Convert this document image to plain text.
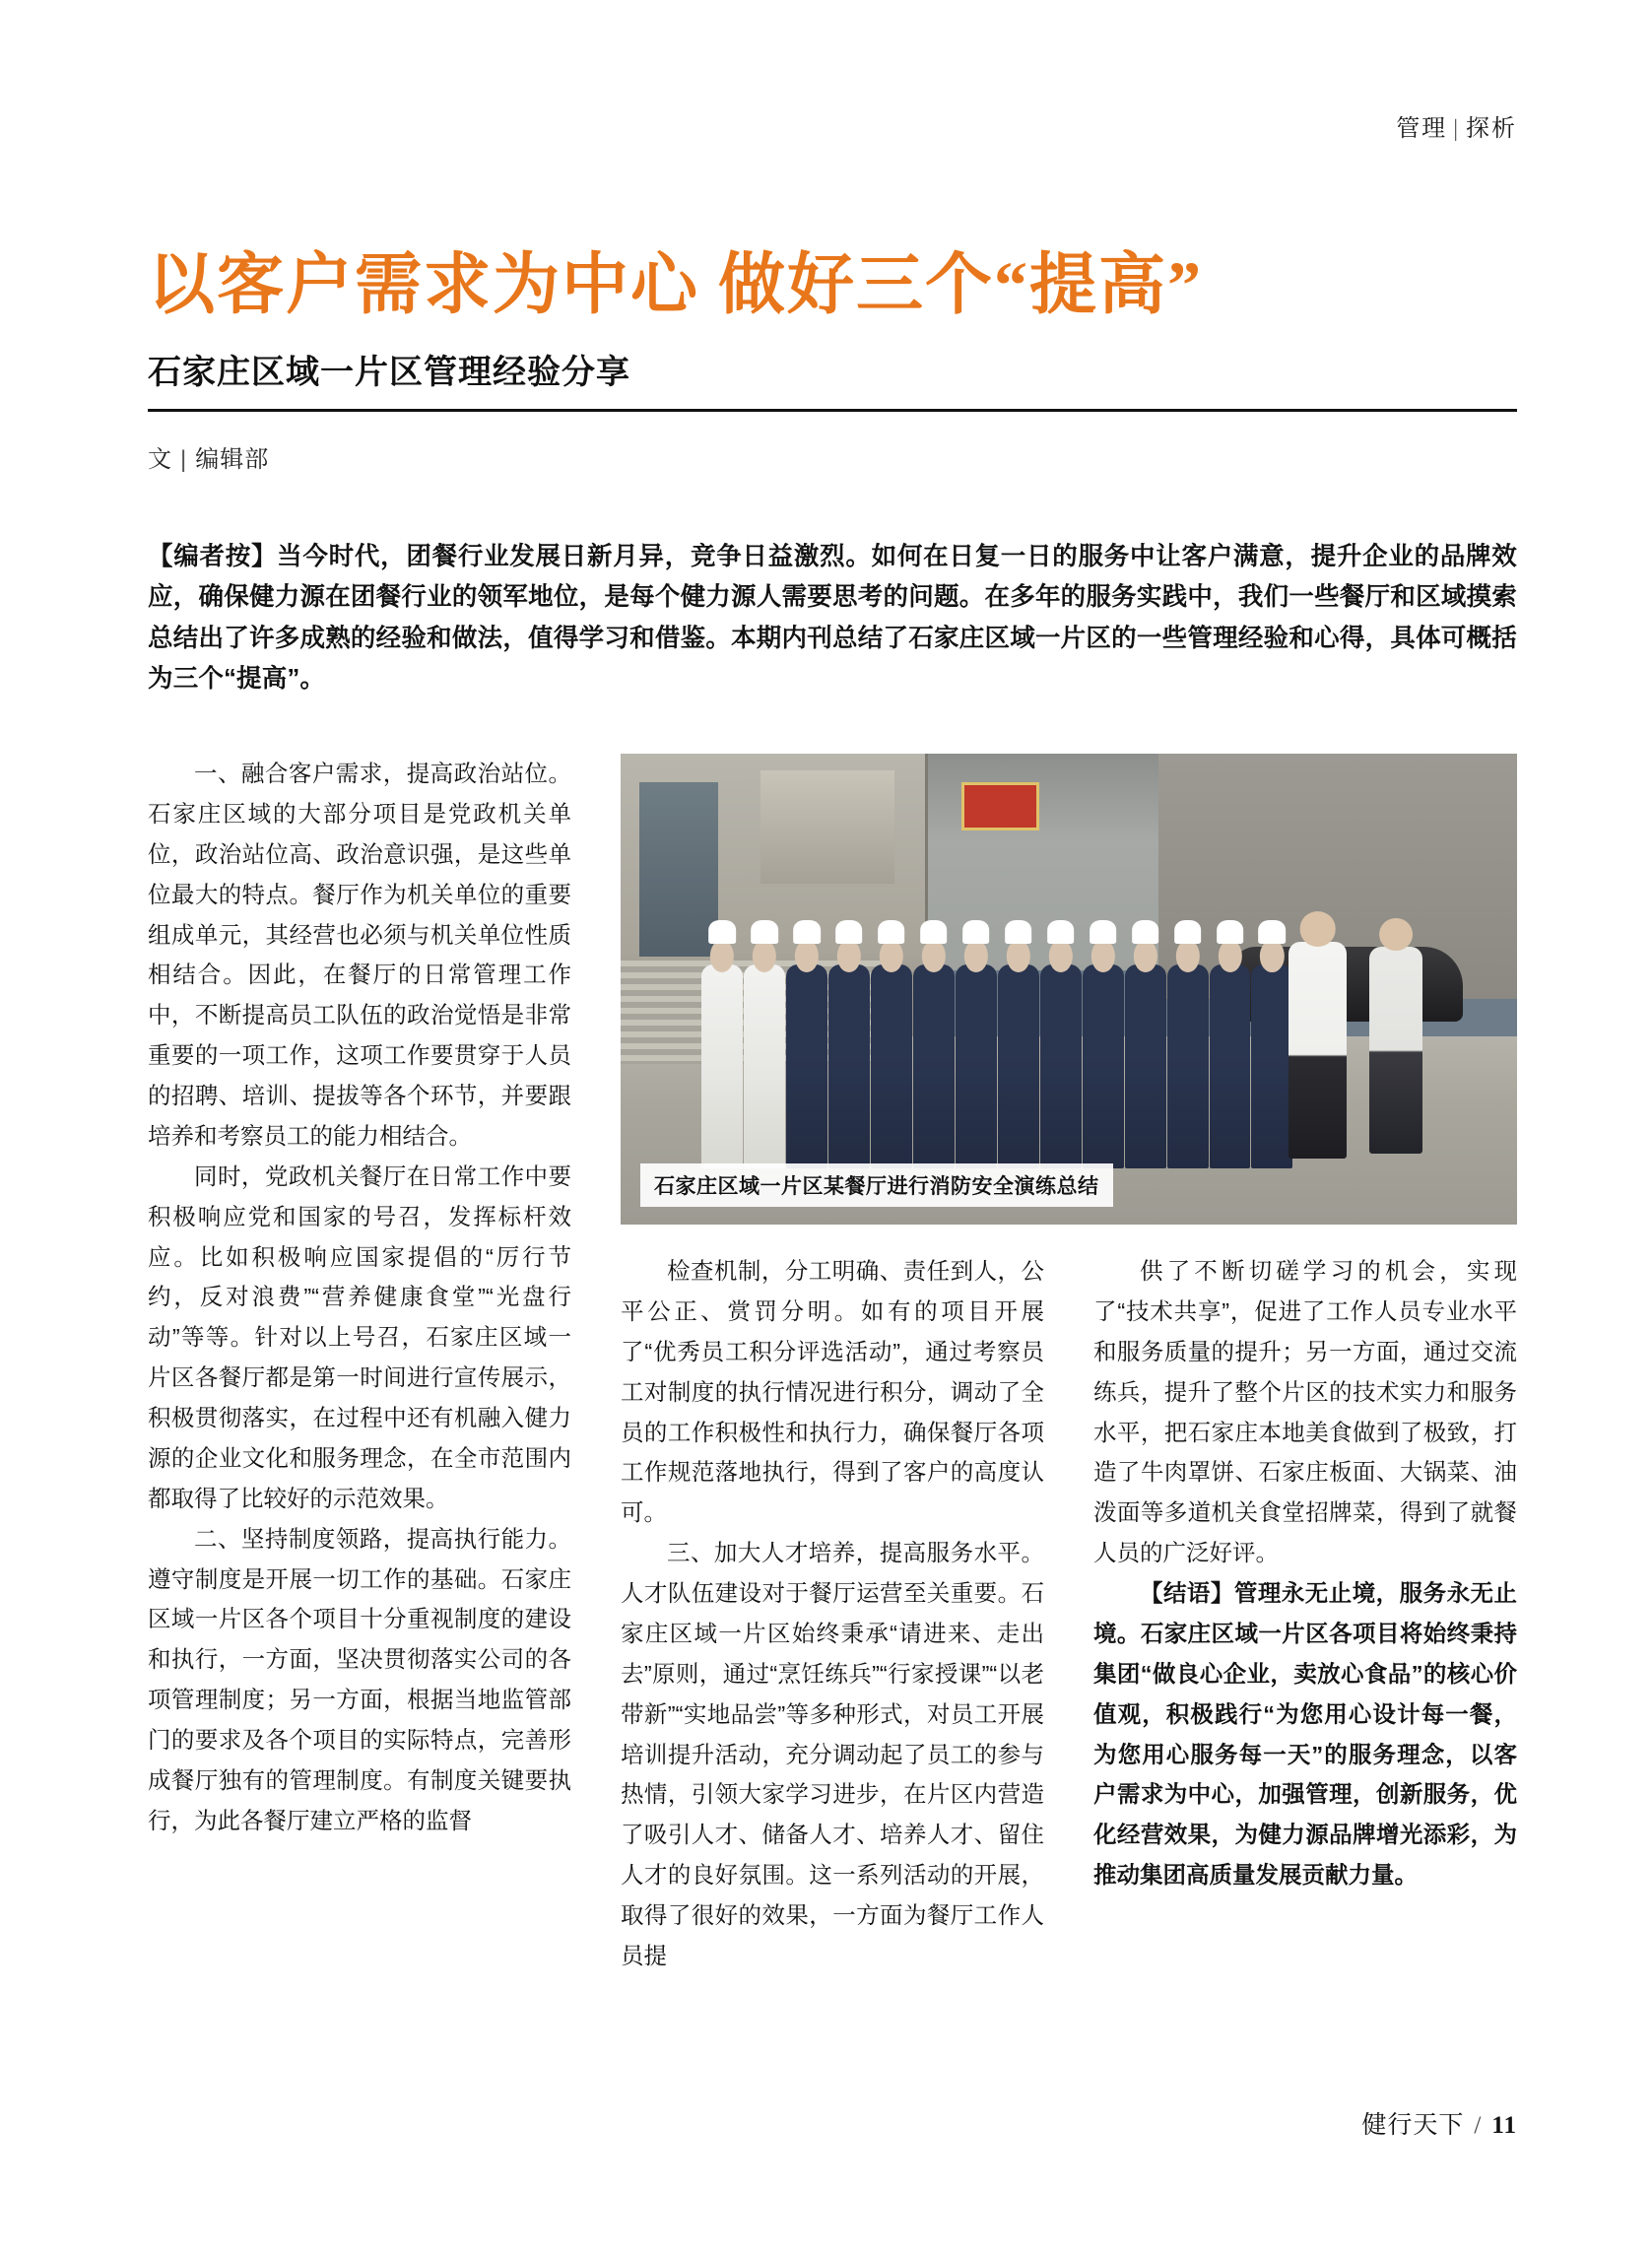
管理 | 探析
以客户需求为中心 做好三个“提高”
石家庄区域一片区管理经验分享
文 | 编辑部
【编者按】当今时代，团餐行业发展日新月异，竞争日益激烈。如何在日复一日的服务中让客户满意，提升企业的品牌效应，确保健力源在团餐行业的领军地位，是每个健力源人需要思考的问题。在多年的服务实践中，我们一些餐厅和区域摸索总结出了许多成熟的经验和做法，值得学习和借鉴。本期内刊总结了石家庄区域一片区的一些管理经验和心得，具体可概括为三个“提高”。
石家庄区域一片区某餐厅进行消防安全演练总结

一、融合客户需求，提高政治站位。石家庄区域的大部分项目是党政机关单位，政治站位高、政治意识强，是这些单位最大的特点。餐厅作为机关单位的重要组成单元，其经营也必须与机关单位性质相结合。因此，在餐厅的日常管理工作中，不断提高员工队伍的政治觉悟是非常重要的一项工作，这项工作要贯穿于人员的招聘、培训、提拔等各个环节，并要跟培养和考察员工的能力相结合。

同时，党政机关餐厅在日常工作中要积极响应党和国家的号召，发挥标杆效应。比如积极响应国家提倡的“厉行节约，反对浪费”“营养健康食堂”“光盘行动”等等。针对以上号召，石家庄区域一片区各餐厅都是第一时间进行宣传展示，积极贯彻落实，在过程中还有机融入健力源的企业文化和服务理念，在全市范围内都取得了比较好的示范效果。

二、坚持制度领路，提高执行能力。遵守制度是开展一切工作的基础。石家庄区域一片区各个项目十分重视制度的建设和执行，一方面，坚决贯彻落实公司的各项管理制度；另一方面，根据当地监管部门的要求及各个项目的实际特点，完善形成餐厅独有的管理制度。有制度关键要执行，为此各餐厅建立严格的监督

检查机制，分工明确、责任到人，公平公正、赏罚分明。如有的项目开展了“优秀员工积分评选活动”，通过考察员工对制度的执行情况进行积分，调动了全员的工作积极性和执行力，确保餐厅各项工作规范落地执行，得到了客户的高度认可。

三、加大人才培养，提高服务水平。人才队伍建设对于餐厅运营至关重要。石家庄区域一片区始终秉承“请进来、走出去”原则，通过“烹饪练兵”“行家授课”“以老带新”“实地品尝”等多种形式，对员工开展培训提升活动，充分调动起了员工的参与热情，引领大家学习进步，在片区内营造了吸引人才、储备人才、培养人才、留住人才的良好氛围。这一系列活动的开展，取得了很好的效果，一方面为餐厅工作人员提

供了不断切磋学习的机会，实现了“技术共享”，促进了工作人员专业水平和服务质量的提升；另一方面，通过交流练兵，提升了整个片区的技术实力和服务水平，把石家庄本地美食做到了极致，打造了牛肉罩饼、石家庄板面、大锅菜、油泼面等多道机关食堂招牌菜，得到了就餐人员的广泛好评。

【结语】管理永无止境，服务永无止境。石家庄区域一片区各项目将始终秉持集团“做良心企业，卖放心食品”的核心价值观，积极践行“为您用心设计每一餐，为您用心服务每一天”的服务理念，以客户需求为中心，加强管理，创新服务，优化经营效果，为健力源品牌增光添彩，为推动集团高质量发展贡献力量。

健行天下 / 11
